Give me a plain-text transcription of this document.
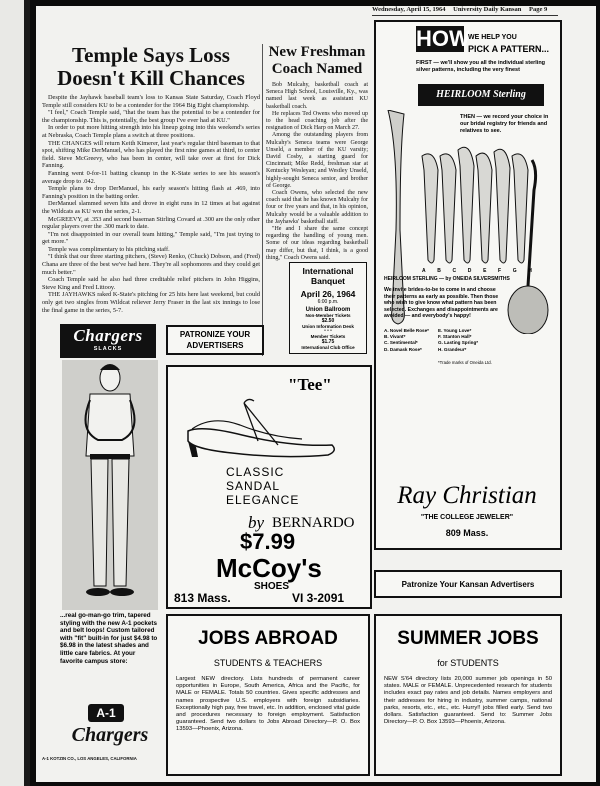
Wednesday, April 15, 1964 University Daily Kansan Page 9
Temple Says Loss Doesn't Kill Chances

Despite the Jayhawk baseball team's loss to Kansas State Saturday, Coach Floyd Temple still considers KU to be a contender for the 1964 Big Eight championship.

"I feel," Coach Temple said, "that the team has the potential to be a contender for the championship. This is, potentially, the best group I've ever had at KU."

In order to put more hitting strength into his lineup going into this weekend's series at Nebraska, Coach Temple plans a switch at three positions.

THE CHANGES will return Keith Kimerer, last year's regular third baseman to that spot, shifting Mike DerManuel, who has played the first nine games at third, to center field. Steve McGreevy, who has been in center, will take over at first for Dick Fanning.

Fanning went 0-for-11 batting cleanup in the K-State series to see his season's average drop to .042.

Temple plans to drop DerManuel, his early season's hitting flash at .469, into Fanning's position in the batting order.

DerManuel slammed seven hits and drove in eight runs in 12 times at bat against the Wildcats as KU won the series, 2-1.

McGREEVY, at .353 and second baseman Stirling Covard at .300 are the only other regular players over the .300 mark to date.

"I'm not disappointed in our overall team hitting," Temple said, "I'm just trying to get more."

Temple was complimentary to his pitching staff.

"I think that our three starting pitchers, (Steve) Renko, (Chuck) Dobson, and (Fred) Chana are three of the best we've had here. They're all sophomores and they could get much better."

Coach Temple said he also had three creditable relief pitchers in John Higgins, Steve King and Fred Littooy.

THE JAYHAWKS raked K-State's pitching for 25 hits here last weekend, but could only get two singles from Wildcat reliever Jerry Fraser in the last six innings to lose the final game in the series, 5-7.

New Freshman Coach Named

Bob Mulcahy, basketball coach at Seneca High School, Louisville, Ky., was named last week as assistant KU basketball coach.

He replaces Ted Owens who moved up to the head coaching job after the resignation of Dick Harp on March 27.

Among the outstanding players from Mulcahy's Seneca teams were George Unseld, a member of the KU varsity; David Cosby, a starting guard for Cincinnati; Mike Redd, freshman star at Kentucky Wesleyan; and Westley Unseld, highly-sought Seneca senior, and brother of George.

Coach Owens, who selected the new coach said that he has known Mulcahy for four or five years and that, in his opinion, Mulcahy would be a valuable addition to the Jayhawks' basketball staff.

"He and I share the same concept regarding the handling of young men. Some of our ideas regarding basketball may differ, but that, I think, is a good thing," Coach Owens said.

International Banquet
April 26, 1964
6:00 p.m.
Union Ballroom
Non-Member Tickets
$2.50
Union Information Desk
• • •
Member Tickets
$1.75
International Club Office
PATRONIZE YOUR ADVERTISERS
Chargers
SLACKS
...real go-man-go trim, tapered styling with the new A-1 pockets and belt loops! Custom tailored with "fit" built-in for just $4.98 to $6.98 in the latest shades and little care fabrics. At your favorite campus store:
A-1
Chargers
A-1 KOTZIN CO., LOS ANGELES, CALIFORNIA
"Tee"
CLASSIC
SANDAL
ELEGANCE
by BERNARDO
$7.99
McCoy's
SHOES
813 Mass.	VI 3-2091
HOW
WE HELP YOU
PICK A PATTERN...
FIRST — we'll show you all the individual sterling silver patterns, including the very finest
HEIRLOOM Sterling
THEN — we record your choice in our bridal registry for friends and relatives to see.
A B C D E F G H
HEIRLOOM STERLING — by ONEIDA SILVERSMITHS
We invite brides-to-be to come in and choose their patterns as early as possible. Then those who wish to give know what pattern has been selected. Exchanges and disappointments are avoided — and everybody's happy!
A. Novel Belle Rose*
B. Vivant*
C. Sentimental*
D. Damask Rose*
E. Young Love*
F. Stanton Hall*
G. Lasting Spring*
H. Grandeur*
*Trade marks of Oneida Ltd.
Ray Christian
"THE COLLEGE JEWELER"
809 Mass.
Patronize Your Kansan Advertisers
JOBS ABROAD
STUDENTS & TEACHERS
Largest NEW directory. Lists hundreds of permanent career opportunities in Europe, South America, Africa and the Pacific, for MALE or FEMALE. Totals 50 countries. Gives specific addresses and names prospective U.S. employers with foreign subsidiaries. Exceptionally high pay, free travel, etc. In addition, enclosed vital guide and procedures necessary to foreign employment. Satisfaction guaranteed. Send two dollars to Jobs Abroad Directory—P. O. Box 13593—Phoenix, Arizona.
SUMMER JOBS
for STUDENTS
NEW S'64 directory lists 20,000 summer job openings in 50 states. MALE or FEMALE. Unprecedented research for students includes exact pay rates and job details. Names employers and their addresses for hiring in industry, summer camps, national parks, resorts, etc., etc., etc. Hurry!! jobs filled early. Send two dollars. Satisfaction guaranteed. Send to: Summer Jobs Directory—P. O. Box 13593—Phoenix, Arizona.
